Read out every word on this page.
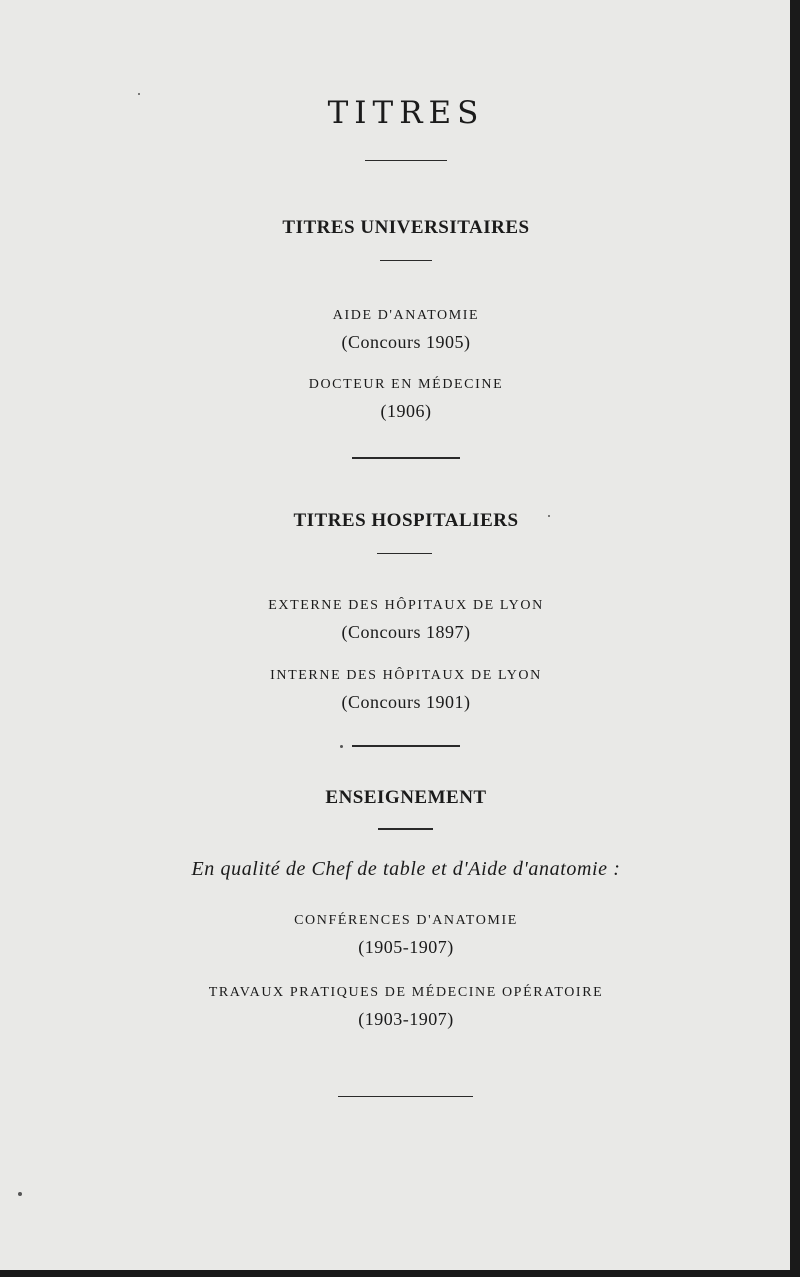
TITRES
TITRES UNIVERSITAIRES
AIDE D'ANATOMIE
(Concours 1905)
DOCTEUR EN MÉDECINE
(1906)
TITRES HOSPITALIERS
EXTERNE DES HÔPITAUX DE LYON
(Concours 1897)
INTERNE DES HÔPITAUX DE LYON
(Concours 1901)
ENSEIGNEMENT
En qualité de Chef de table et d'Aide d'anatomie :
CONFÉRENCES D'ANATOMIE
(1905-1907)
TRAVAUX PRATIQUES DE MÉDECINE OPÉRATOIRE
(1903-1907)
